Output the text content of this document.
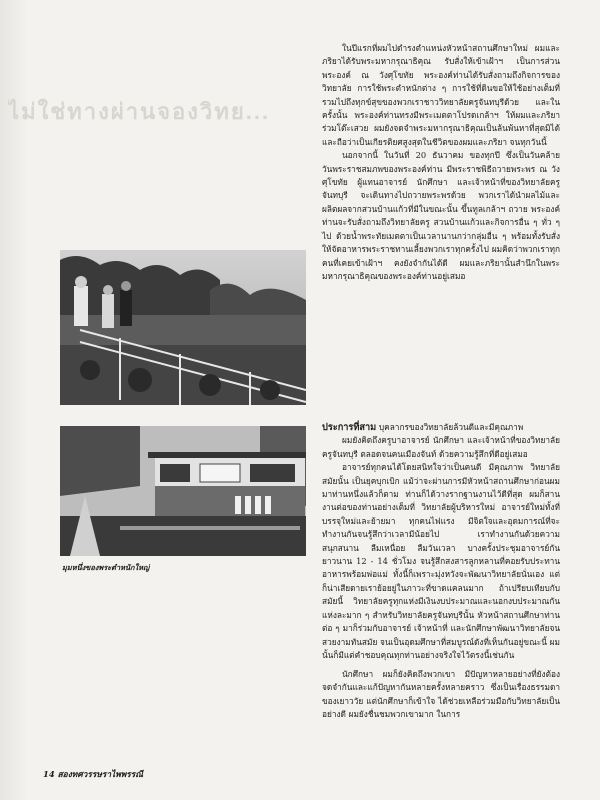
ไม่ใช่ทางผ่านจองวิทย...

ในปีแรกที่ผมไปดำรงตำแหน่งหัวหน้าสถานศึกษาใหม่ ผมและภริยาได้รับพระมหากรุณาธิคุณ รับสั่งให้เข้าเฝ้าฯ เป็นการส่วนพระองค์ ณ วังศุโขทัย พระองค์ท่านได้รับสั่งถามถึงกิจการของวิทยาลัย การใช้พระตำหนักต่าง ๆ การใช้ที่ดินขอให้ใช้อย่างเต็มที่ รวมไปถึงทุกข์สุขของพวกเราชาววิทยาลัยครูจันทบุรีด้วย และในครั้งนั้น พระองค์ท่านทรงมีพระเมตตาโปรดเกล้าฯ ให้ผมและภริยาร่วมโต๊ะเสวย ผมยังจดจำพระมหากรุณาธิคุณเป็นล้นพ้นหาที่สุดมิได้ และถือว่าเป็นเกียรติยศสูงสุดในชีวิตของผมและภริยา จนทุกวันนี้

นอกจากนี้ ในวันที่ 20 ธันวาคม ของทุกปี ซึ่งเป็นวันคล้ายวันพระราชสมภพของพระองค์ท่าน มีพระราชพิธีถวายพระพร ณ วังศุโขทัย ผู้แทนอาจารย์ นักศึกษา และเจ้าหน้าที่ของวิทยาลัยครูจันทบุรี จะเดินทางไปถวายพระพรด้วย พวกเราได้นำผลไม้และผลิตผลจากสวนบ้านแก้วที่มีในขณะนั้น ขึ้นทูลเกล้าฯ ถวาย พระองค์ท่านจะรับสั่งถามถึงวิทยาลัยครู สวนบ้านแก้วและกิจการอื่น ๆ ทั่ว ๆ ไป ด้วยน้ำพระทัยเมตตาเป็นเวลานานกว่ากลุ่มอื่น ๆ พร้อมทั้งรับสั่งให้จัดอาหารพระราชทานเลี้ยงพวกเราทุกครั้งไป ผมคิดว่าพวกเราทุกคนที่เคยเข้าเฝ้าฯ คงยังจำกันได้ดี ผมและภริยานั้นสำนึกในพระมหากรุณาธิคุณของพระองค์ท่านอยู่เสมอ

ประการที่สาม บุคลากรของวิทยาลัยล้วนดีและมีคุณภาพ

ผมยังคิดถึงครูบาอาจารย์ นักศึกษา และเจ้าหน้าที่ของวิทยาลัยครูจันทบุรี ตลอดจนคนเมืองจันท์ ด้วยความรู้สึกที่ดีอยู่เสมอ

อาจารย์ทุกคนได้โดยสนิทใจว่าเป็นคนดี มีคุณภาพ วิทยาลัยสมัยนั้น เป็นยุคบุกเบิก แม้ว่าจะผ่านการมีหัวหน้าสถานศึกษาก่อนผมมาท่านหนึ่งแล้วก็ตาม ท่านก็ได้วางรากฐานงานไว้ดีที่สุด ผมก็สานงานต่อของท่านอย่างเต็มที่ วิทยาลัยผู้บริหารใหม่ อาจารย์ใหม่ทั้งที่บรรจุใหม่และย้ายมา ทุกคนไฟแรง มีจิตใจและอุดมการณ์ที่จะทำงานกันจนรู้สึกว่าเวลามีน้อยไป เราทำงานกันด้วยความสนุกสนาน ลืมเหนื่อย ลืมวันเวลา บางครั้งประชุมอาจารย์กันยาวนาน 12 - 14 ชั่วโมง จนรู้สึกสงสารลูกหลานที่คอยรับประทานอาหารพร้อมพ่อแม่ ทั้งนี้ก็เพราะมุ่งหวังจะพัฒนาวิทยาลัยนั่นเอง แต่ก็น่าเสียดายเราย้อยยู่ในภาวะที่ขาดแคลนมาก ถ้าเปรียบเทียบกับสมัยนี้ วิทยาลัยครูทุกแห่งมีเงินงบประมาณและนอกงบประมาณกันแห่งละมาก ๆ สำหรับวิทยาลัยครูจันทบุรีนั้น หัวหน้าสถานศึกษาท่านต่อ ๆ มาก็ร่วมกับอาจารย์ เจ้าหน้าที่ และนักศึกษาพัฒนาวิทยาลัยจนสวยงามทันสมัย จนเป็นอุดมศึกษาที่สมบูรณ์ดังที่เห็นกันอยู่ขณะนี้ ผมนั้นก็มีแต่คำชอบคุณทุกท่านอย่างจริงใจไว้ตรงนี้เช่นกัน

มุมหนึ่งของพระตำหนักใหญ่

นักศึกษา ผมก็ยังคิดถึงพวกเขา มีปัญหาหลายอย่างที่ยังต้องจดจำกันและแก้ปัญหากันหลายครั้งหลายคราว ซึ่งเป็นเรื่องธรรมดาของเยาววัย แต่นักศึกษาก็เข้าใจ ได้ช่วยเหลือร่วมมือกับวิทยาลัยเป็นอย่างดี ผมยังชื่นชมพวกเขามาก ในการ

14 สองทศวรรษราไพพรรณี
